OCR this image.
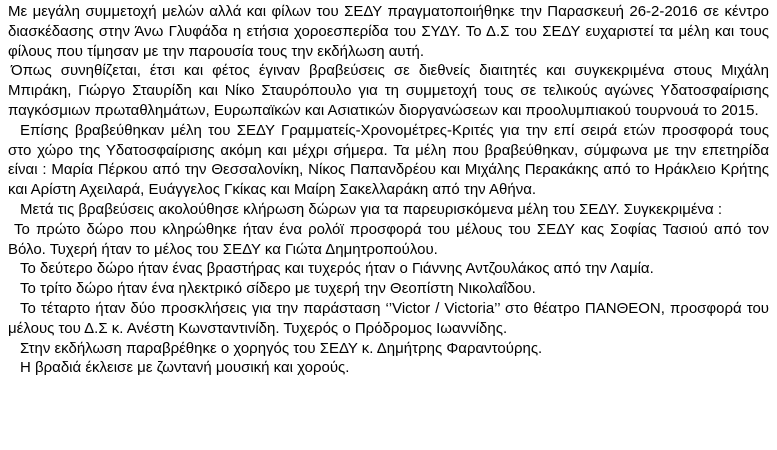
Με μεγάλη συμμετοχή μελών αλλά και φίλων του ΣΕΔΥ πραγματοποιήθηκε την Παρασκευή 26-2-2016 σε κέντρο διασκέδασης στην Άνω Γλυφάδα η ετήσια χοροεσπερίδα του ΣΥΔΥ. Το Δ.Σ του ΣΕΔΥ ευχαριστεί τα μέλη και τους φίλους που τίμησαν με την παρουσία τους την εκδήλωση αυτή.

Όπως συνηθίζεται, έτσι και φέτος έγιναν βραβεύσεις σε διεθνείς διαιτητές και συγκεκριμένα στους Μιχάλη Μπιράκη, Γιώργο Σταυρίδη και Νίκο Σταυρόπουλο για τη συμμετοχή τους σε τελικούς αγώνες Υδατοσφαίρισης παγκόσμιων πρωταθλημάτων, Ευρωπαϊκών και Ασιατικών διοργανώσεων και προολυμπιακού τουρνουά το 2015.

Επίσης βραβεύθηκαν μέλη του ΣΕΔΥ Γραμματείς-Χρονομέτρες-Κριτές για την επί σειρά ετών προσφορά τους στο χώρο της Υδατοσφαίρισης ακόμη και μέχρι σήμερα. Τα μέλη που βραβεύθηκαν, σύμφωνα με την επετηρίδα είναι : Μαρία Πέρκου από την Θεσσαλονίκη, Νίκος Παπανδρέου και Μιχάλης Περακάκης από το Ηράκλειο Κρήτης και Αρίστη Αχειλαρά, Ευάγγελος Γκίκας και Μαίρη Σακελλαράκη από την Αθήνα.

Μετά τις βραβεύσεις ακολούθησε κλήρωση δώρων για τα παρευρισκόμενα μέλη του ΣΕΔΥ. Συγκεκριμένα :

Το πρώτο δώρο που κληρώθηκε ήταν ένα ρολόϊ προσφορά του μέλους του ΣΕΔΥ κας Σοφίας Τασιού από τον Βόλο. Τυχερή ήταν το μέλος του ΣΕΔΥ κα Γιώτα Δημητροπούλου.

Το δεύτερο δώρο ήταν ένας βραστήρας και τυχερός ήταν ο Γιάννης Αντζουλάκος από την Λαμία.

Το τρίτο δώρο ήταν ένα ηλεκτρικό σίδερο με τυχερή την Θεοπίστη Νικολαΐδου.

Το τέταρτο ήταν δύο προσκλήσεις για την παράσταση ‘’Victor / Victoria’’ στο θέατρο ΠΑΝΘΕΟΝ, προσφορά του μέλους του Δ.Σ κ. Ανέστη Κωνσταντινίδη. Τυχερός ο Πρόδρομος Ιωαννίδης.

Στην εκδήλωση παραβρέθηκε ο χορηγός του ΣΕΔΥ κ. Δημήτρης Φαραντούρης.

Η βραδιά έκλεισε με ζωντανή μουσική και χορούς.
